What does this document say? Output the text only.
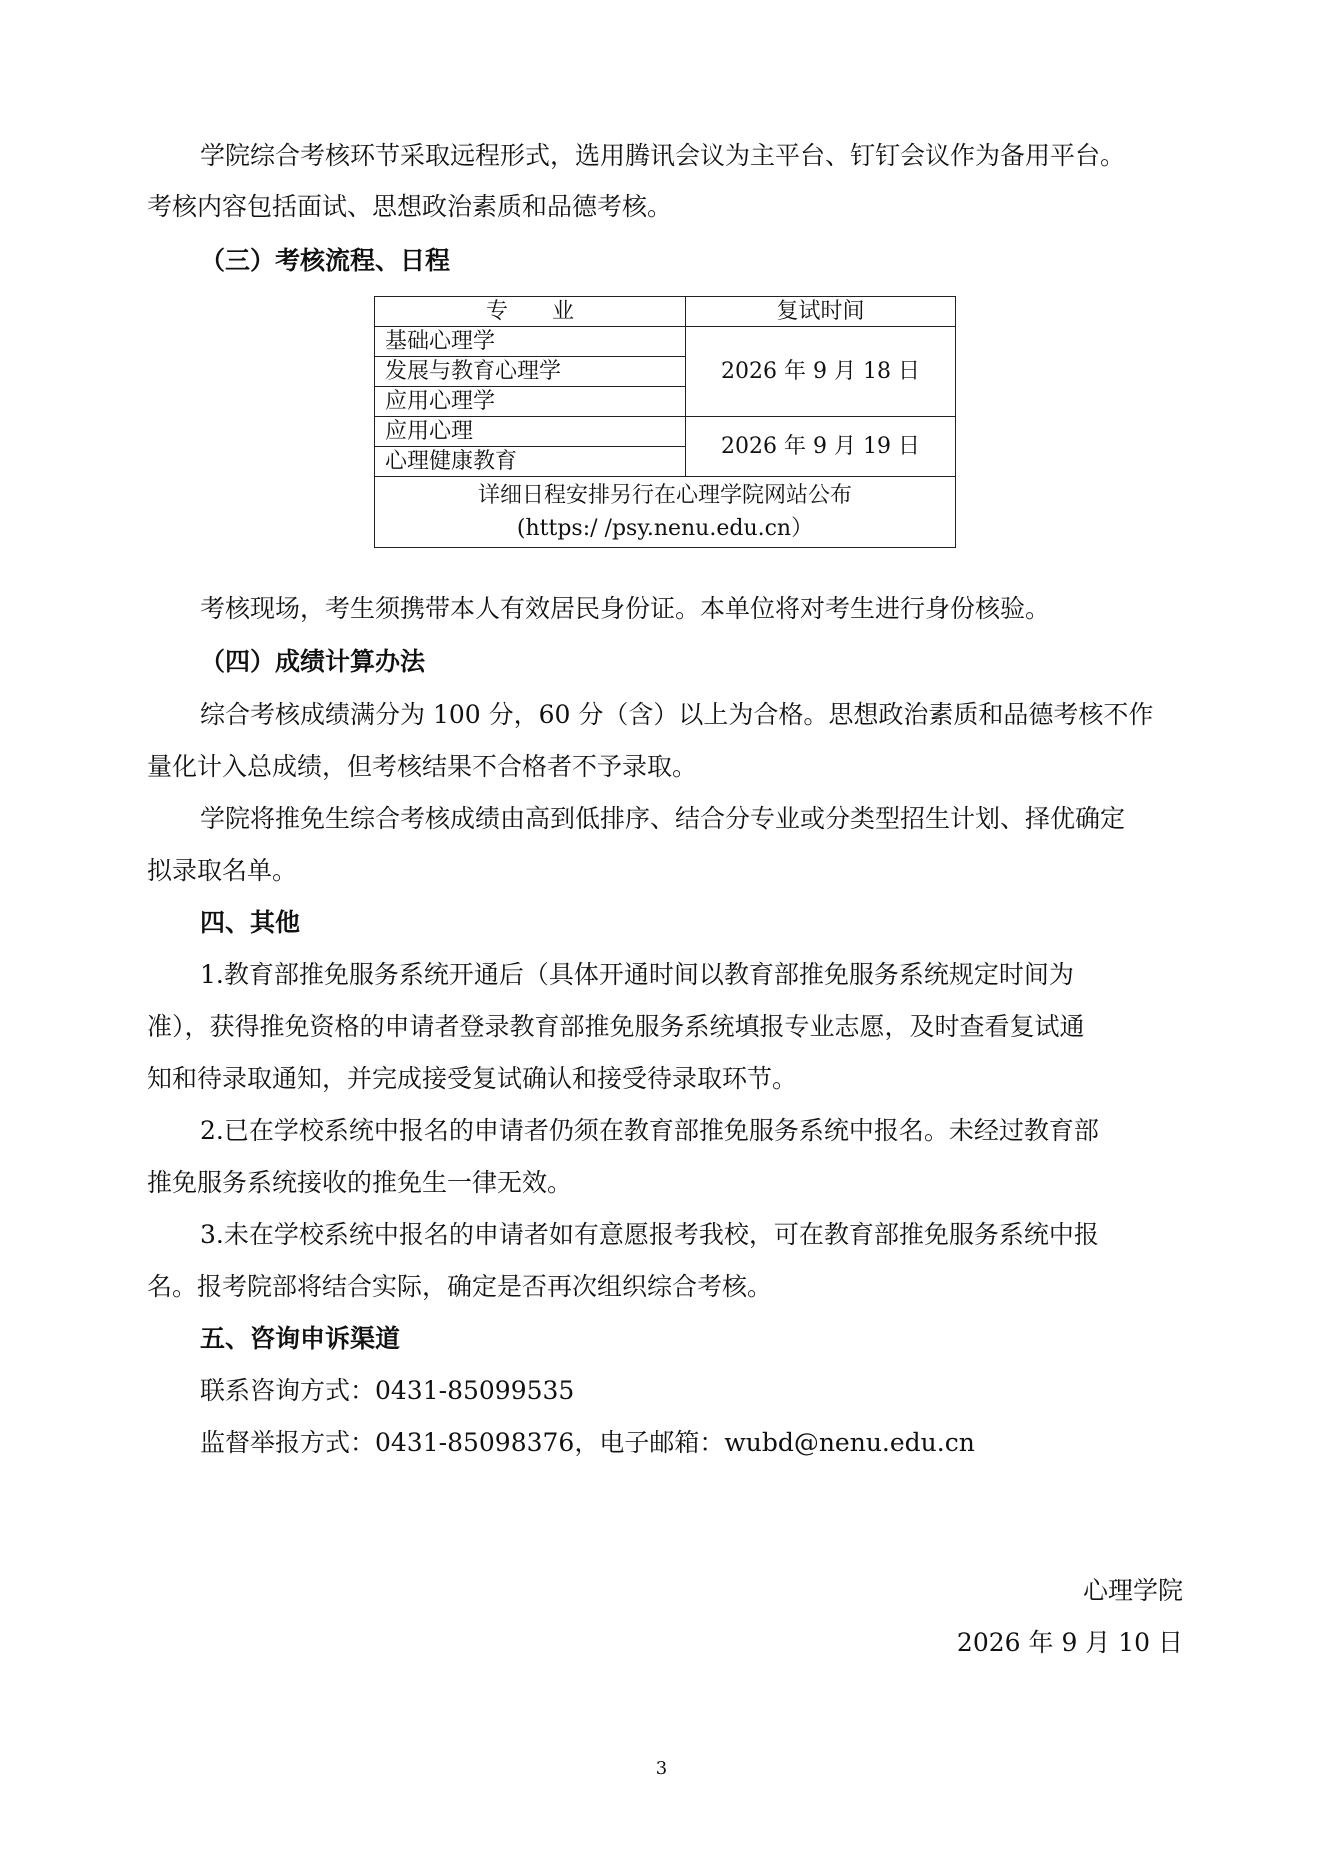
学院综合考核环节采取远程形式，选用腾讯会议为主平台、钉钉会议作为备用平台。
考核内容包括面试、思想政治素质和品德考核。
（三）考核流程、日程
专　　业	复试时间
基础心理学	2026 年 9 月 18 日
发展与教育心理学	
应用心理学	
应用心理	2026 年 9 月 19 日
心理健康教育	

详细日程安排另行在心理学院网站公布
(https:/ /psy.nenu.edu.cn）	
考核现场，考生须携带本人有效居民身份证。本单位将对考生进行身份核验。
（四）成绩计算办法
综合考核成绩满分为 100 分，60 分（含）以上为合格。思想政治素质和品德考核不作
量化计入总成绩，但考核结果不合格者不予录取。
学院将推免生综合考核成绩由高到低排序、结合分专业或分类型招生计划、择优确定
拟录取名单。
四、其他
1.教育部推免服务系统开通后（具体开通时间以教育部推免服务系统规定时间为
准），获得推免资格的申请者登录教育部推免服务系统填报专业志愿，及时查看复试通
知和待录取通知，并完成接受复试确认和接受待录取环节。
2.已在学校系统中报名的申请者仍须在教育部推免服务系统中报名。未经过教育部
推免服务系统接收的推免生一律无效。
3.未在学校系统中报名的申请者如有意愿报考我校，可在教育部推免服务系统中报
名。报考院部将结合实际，确定是否再次组织综合考核。
五、咨询申诉渠道
联系咨询方式：0431-85099535
监督举报方式：0431-85098376，电子邮箱：wubd@nenu.edu.cn
心理学院
2026 年 9 月 10 日
3
